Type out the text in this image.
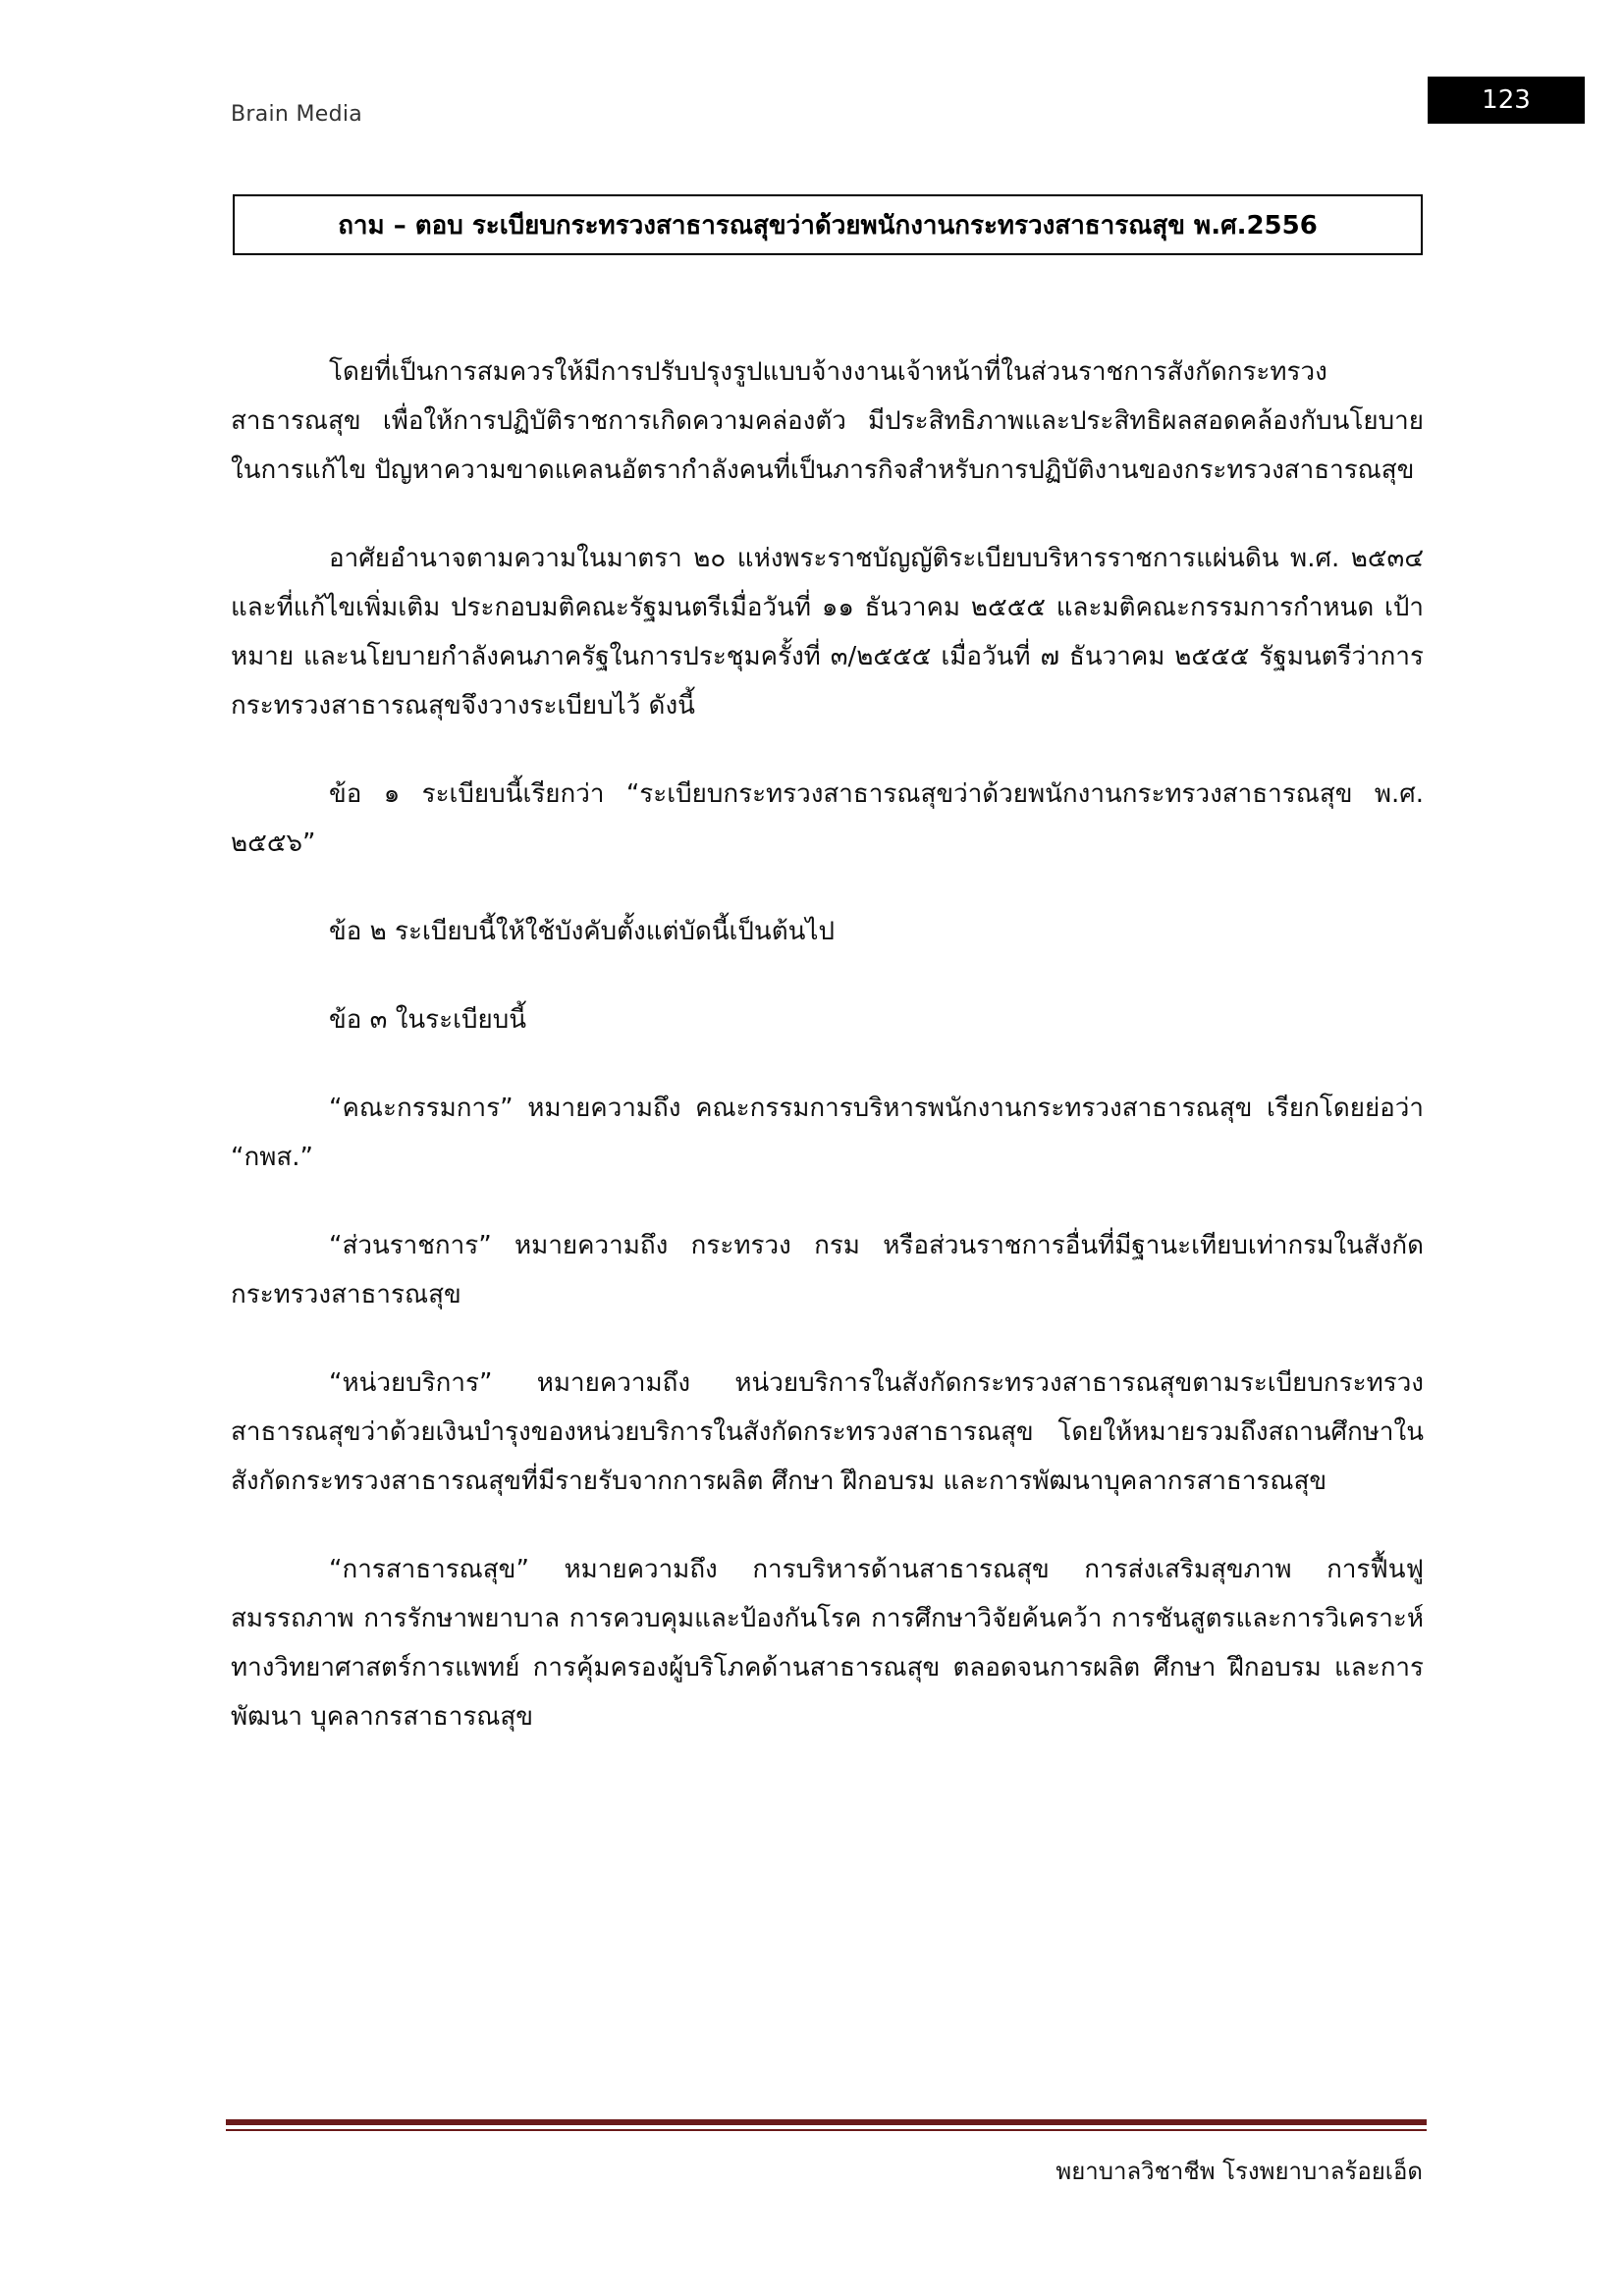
Brain Media	123
ถาม – ตอบ ระเบียบกระทรวงสาธารณสุขว่าด้วยพนักงานกระทรวงสาธารณสุข พ.ศ.2556

โดยที่เป็นการสมควรให้มีการปรับปรุงรูปแบบจ้างงานเจ้าหน้าที่ในส่วนราชการสังกัดกระทรวงสาธารณสุข เพื่อให้การปฏิบัติราชการเกิดความคล่องตัว มีประสิทธิภาพและประสิทธิผลสอดคล้องกับนโยบายในการแก้ไข ปัญหาความขาดแคลนอัตรากำลังคนที่เป็นภารกิจสำหรับการปฏิบัติงานของกระทรวงสาธารณสุข

อาศัยอำนาจตามความในมาตรา ๒๐ แห่งพระราชบัญญัติระเบียบบริหารราชการแผ่นดิน พ.ศ. ๒๕๓๔ และที่แก้ไขเพิ่มเติม ประกอบมติคณะรัฐมนตรีเมื่อวันที่ ๑๑ ธันวาคม ๒๕๕๕ และมติคณะกรรมการกำหนด เป้าหมาย และนโยบายกำลังคนภาครัฐในการประชุมครั้งที่ ๓/๒๕๕๕ เมื่อวันที่ ๗ ธันวาคม ๒๕๕๕ รัฐมนตรีว่าการกระทรวงสาธารณสุขจึงวางระเบียบไว้ ดังนี้

ข้อ ๑ ระเบียบนี้เรียกว่า “ระเบียบกระทรวงสาธารณสุขว่าด้วยพนักงานกระทรวงสาธารณสุข พ.ศ. ๒๕๕๖”

ข้อ ๒ ระเบียบนี้ให้ใช้บังคับตั้งแต่บัดนี้เป็นต้นไป

ข้อ ๓ ในระเบียบนี้

“คณะกรรมการ” หมายความถึง คณะกรรมการบริหารพนักงานกระทรวงสาธารณสุข เรียกโดยย่อว่า “กพส.”

“ส่วนราชการ” หมายความถึง กระทรวง กรม หรือส่วนราชการอื่นที่มีฐานะเทียบเท่ากรมในสังกัดกระทรวงสาธารณสุข

“หน่วยบริการ” หมายความถึง หน่วยบริการในสังกัดกระทรวงสาธารณสุขตามระเบียบกระทรวงสาธารณสุขว่าด้วยเงินบำรุงของหน่วยบริการในสังกัดกระทรวงสาธารณสุข โดยให้หมายรวมถึงสถานศึกษาใน สังกัดกระทรวงสาธารณสุขที่มีรายรับจากการผลิต ศึกษา ฝึกอบรม และการพัฒนาบุคลากรสาธารณสุข

“การสาธารณสุข” หมายความถึง การบริหารด้านสาธารณสุข การส่งเสริมสุขภาพ การฟื้นฟูสมรรถภาพ การรักษาพยาบาล การควบคุมและป้องกันโรค การศึกษาวิจัยค้นคว้า การชันสูตรและการวิเคราะห์ ทางวิทยาศาสตร์การแพทย์ การคุ้มครองผู้บริโภคด้านสาธารณสุข ตลอดจนการผลิต ศึกษา ฝึกอบรม และการพัฒนา บุคลากรสาธารณสุข

พยาบาลวิชาชีพ โรงพยาบาลร้อยเอ็ด
